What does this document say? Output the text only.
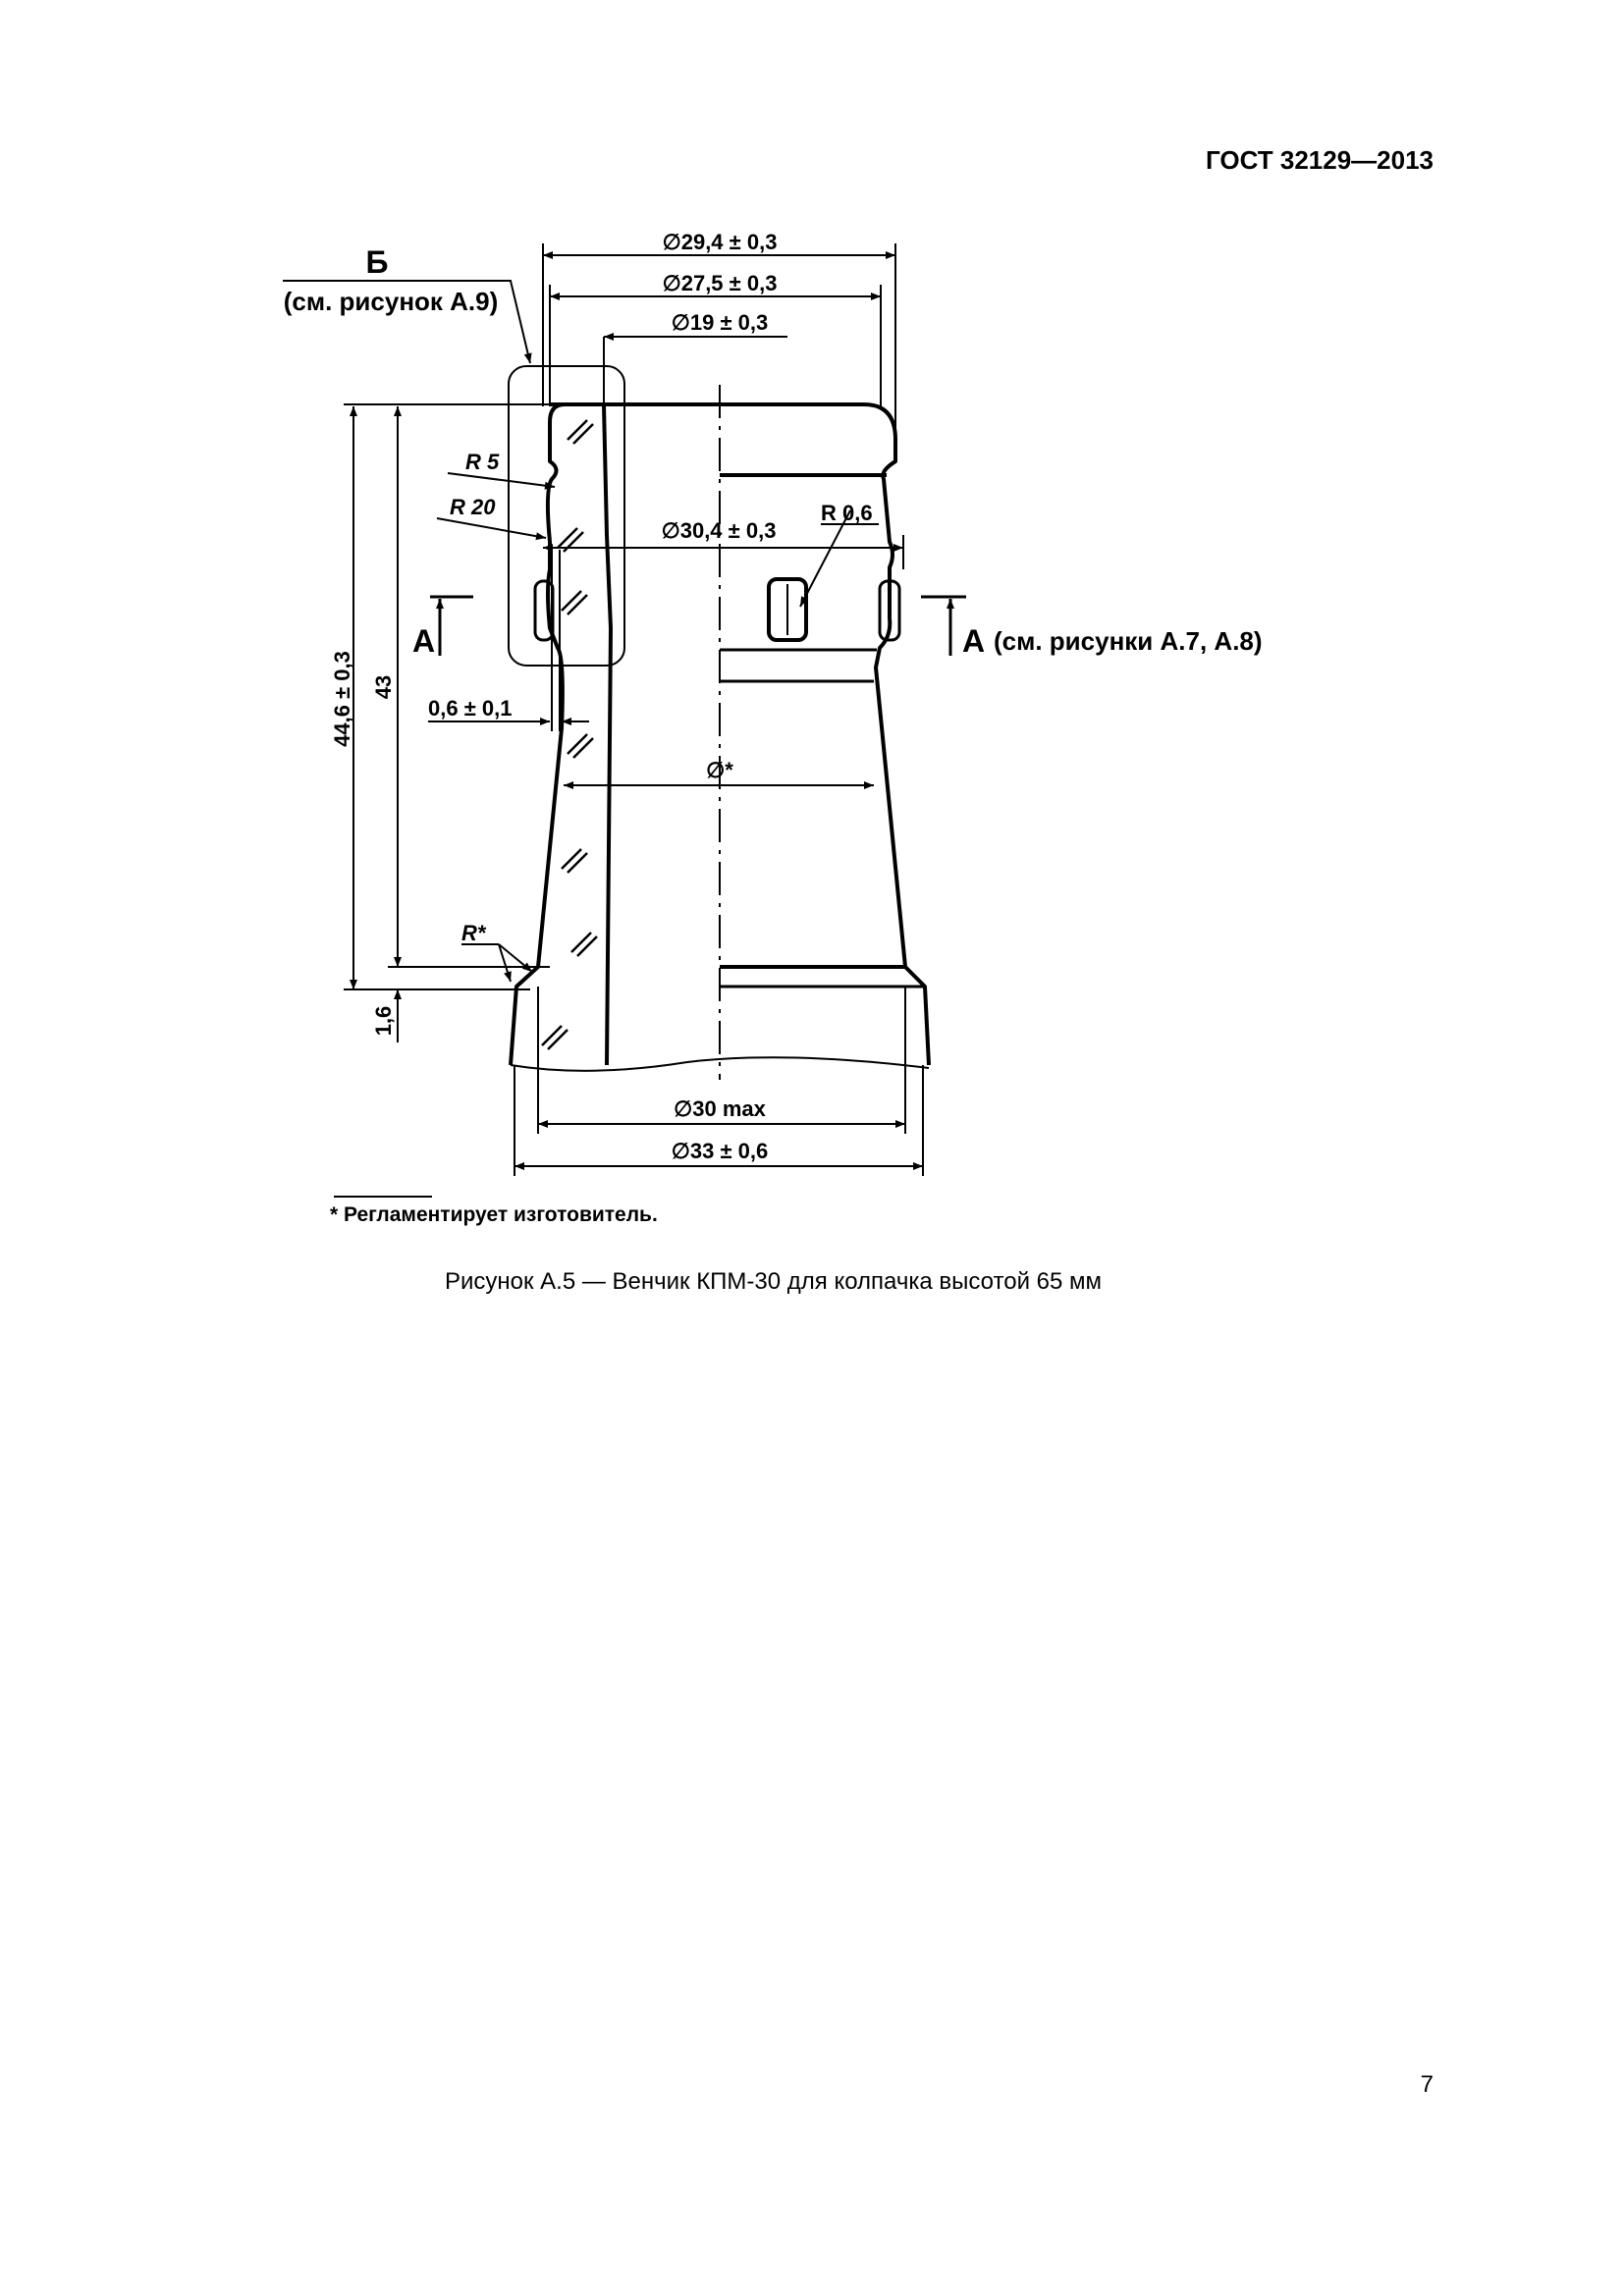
ГОСТ 32129—2013
Б
(см. рисунок А.9)
∅29,4 ± 0,3
∅27,5 ± 0,3
∅19 ± 0,3
R 5
R 20
∅30,4 ± 0,3
R 0,6
А	А (см. рисунки А.7, А.8)
44,6 ± 0,3 43
1,6
0,6 ± 0,1
∅*
R*
∅30 max
∅33 ± 0,6
* Регламентирует изготовитель.
Рисунок А.5 — Венчик КПМ-30 для колпачка высотой 65 мм
7
